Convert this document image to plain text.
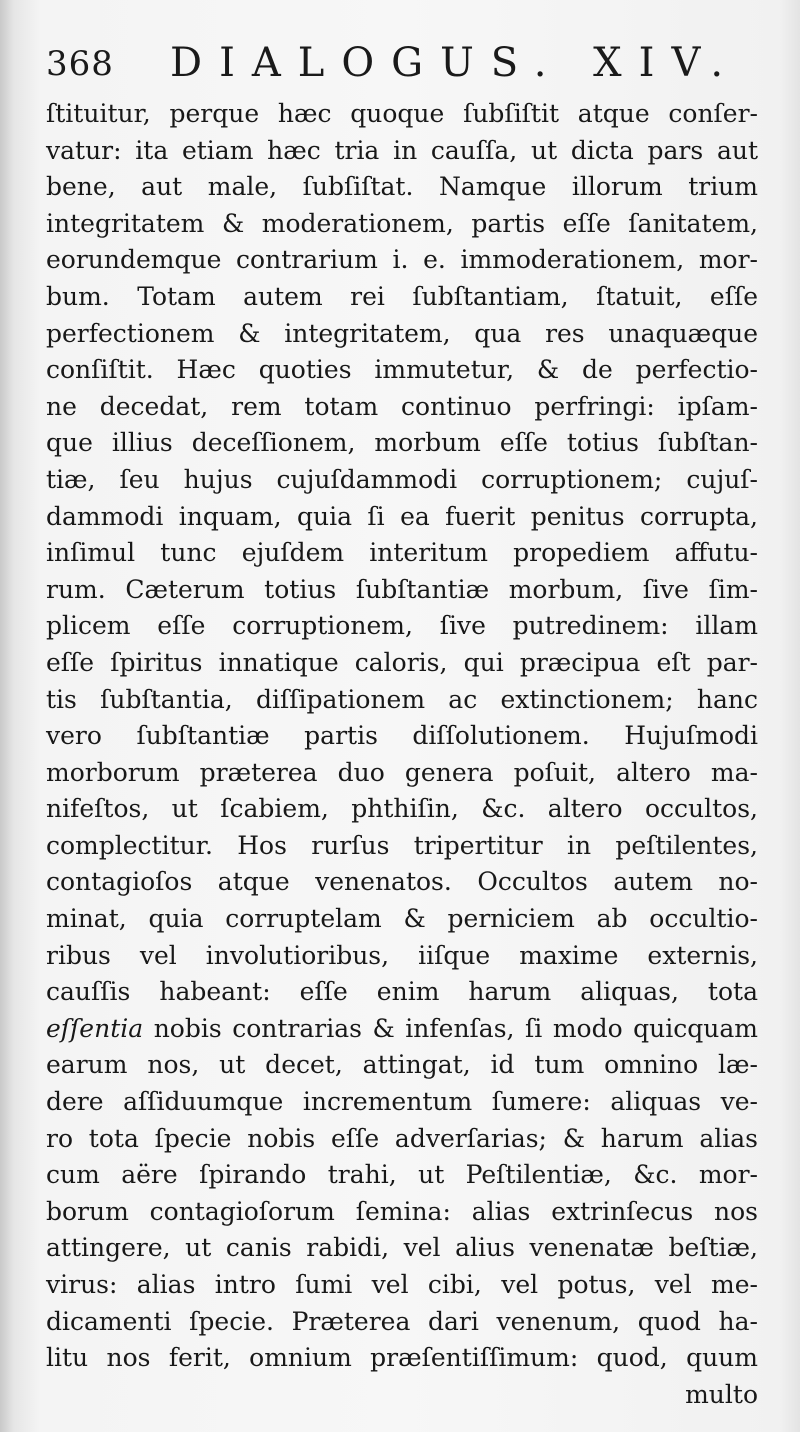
368 DIALOGUS. XIV.
ſtituitur, perque hæc quoque ſubſiſtit atque conſer-
vatur: ita etiam hæc tria in cauſſa, ut dicta pars aut
bene, aut male, ſubſiſtat. Namque illorum trium
integritatem & moderationem, partis eſſe ſanitatem,
eorundemque contrarium i. e. immoderationem, mor-
bum. Totam autem rei ſubſtantiam, ſtatuit, eſſe
perfectionem & integritatem, qua res unaquæque
conſiſtit. Hæc quoties immutetur, & de perfectio-
ne decedat, rem totam continuo perfringi: ipſam-
que illius deceſſionem, morbum eſſe totius ſubſtan-
tiæ, ſeu hujus cujuſdammodi corruptionem; cujuſ-
dammodi inquam, quia ſi ea fuerit penitus corrupta,
inſimul tunc ejuſdem interitum propediem affutu-
rum. Cæterum totius ſubſtantiæ morbum, ſive ſim-
plicem eſſe corruptionem, ſive putredinem: illam
eſſe ſpiritus innatique caloris, qui præcipua eſt par-
tis ſubſtantia, diſſipationem ac extinctionem; hanc
vero ſubſtantiæ partis diſſolutionem. Hujuſmodi
morborum præterea duo genera poſuit, altero ma-
nifeſtos, ut ſcabiem, phthiſin, &c. altero occultos,
complectitur. Hos rurſus tripertitur in peſtilentes,
contagioſos atque venenatos. Occultos autem no-
minat, quia corruptelam & perniciem ab occultio-
ribus vel involutioribus, iiſque maxime externis,
cauſſis habeant: eſſe enim harum aliquas, tota
eſſentia nobis contrarias & infenſas, ſi modo quicquam
earum nos, ut decet, attingat, id tum omnino læ-
dere aſſiduumque incrementum ſumere: aliquas ve-
ro tota ſpecie nobis eſſe adverſarias; & harum alias
cum aëre ſpirando trahi, ut Peſtilentiæ, &c. mor-
borum contagioſorum ſemina: alias extrinſecus nos
attingere, ut canis rabidi, vel alius venenatæ beſtiæ,
virus: alias intro ſumi vel cibi, vel potus, vel me-
dicamenti ſpecie. Præterea dari venenum, quod ha-
litu nos ferit, omnium præſentiſſimum: quod, quum
multo
